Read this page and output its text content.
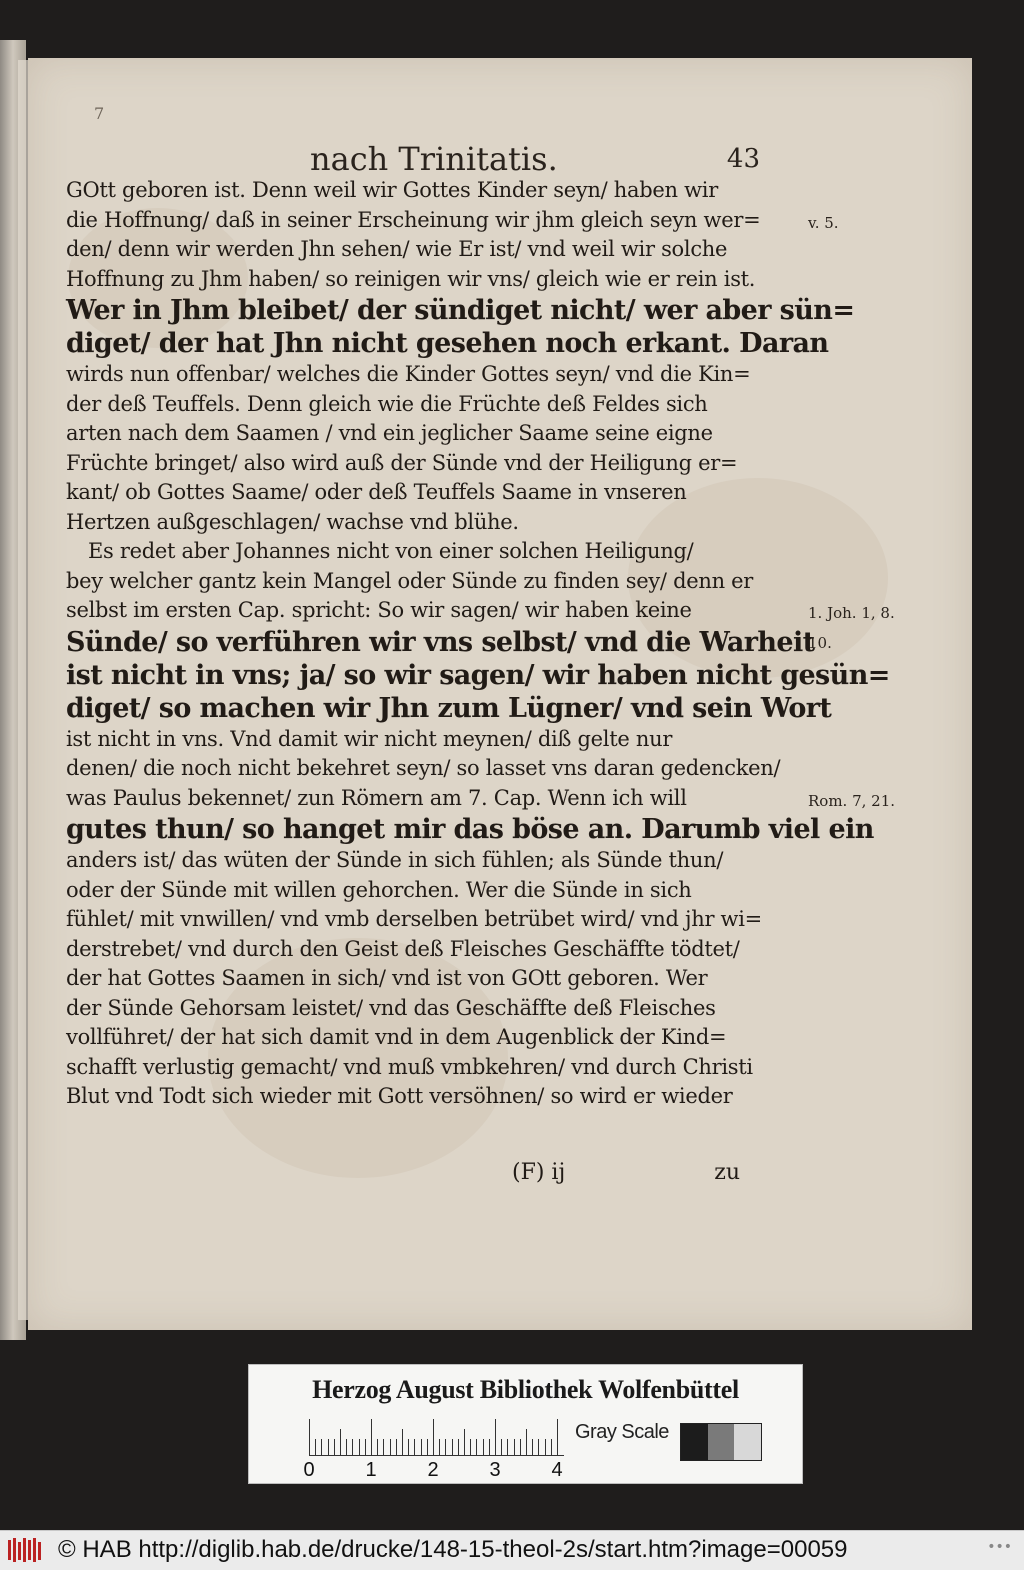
7
nach Trinitatis.	43
v. 5.
1. Joh. 1, 8.
10.
Rom. 7, 21.
GOtt geboren ist. Denn weil wir Gottes Kinder seyn/ haben wir
die Hoffnung/ daß in seiner Erscheinung wir jhm gleich seyn wer=
den/ denn wir werden Jhn sehen/ wie Er ist/ vnd weil wir solche
Hoffnung zu Jhm haben/ so reinigen wir vns/ gleich wie er rein ist.
Wer in Jhm bleibet/ der sündiget nicht/ wer aber sün=
diget/ der hat Jhn nicht gesehen noch erkant. Daran
wirds nun offenbar/ welches die Kinder Gottes seyn/ vnd die Kin=
der deß Teuffels. Denn gleich wie die Früchte deß Feldes sich
arten nach dem Saamen / vnd ein jeglicher Saame seine eigne
Früchte bringet/ also wird auß der Sünde vnd der Heiligung er=
kant/ ob Gottes Saame/ oder deß Teuffels Saame in vnseren
Hertzen außgeschlagen/ wachse vnd blühe.
Es redet aber Johannes nicht von einer solchen Heiligung/
bey welcher gantz kein Mangel oder Sünde zu finden sey/ denn er
selbst im ersten Cap. spricht: So wir sagen/ wir haben keine
Sünde/ so verführen wir vns selbst/ vnd die Warheit
ist nicht in vns; ja/ so wir sagen/ wir haben nicht gesün=
diget/ so machen wir Jhn zum Lügner/ vnd sein Wort
ist nicht in vns. Vnd damit wir nicht meynen/ diß gelte nur
denen/ die noch nicht bekehret seyn/ so lasset vns daran gedencken/
was Paulus bekennet/ zun Römern am 7. Cap. Wenn ich will
gutes thun/ so hanget mir das böse an. Darumb viel ein
anders ist/ das wüten der Sünde in sich fühlen; als Sünde thun/
oder der Sünde mit willen gehorchen. Wer die Sünde in sich
fühlet/ mit vnwillen/ vnd vmb derselben betrübet wird/ vnd jhr wi=
derstrebet/ vnd durch den Geist deß Fleisches Geschäffte tödtet/
der hat Gottes Saamen in sich/ vnd ist von GOtt geboren. Wer
der Sünde Gehorsam leistet/ vnd das Geschäffte deß Fleisches
vollführet/ der hat sich damit vnd in dem Augenblick der Kind=
schafft verlustig gemacht/ vnd muß vmbkehren/ vnd durch Christi
Blut vnd Todt sich wieder mit Gott versöhnen/ so wird er wieder
(F) ij	zu
Herzog August Bibliothek Wolfenbüttel
Gray Scale
0	1	2	3	4
© HAB http://diglib.hab.de/drucke/148-15-theol-2s/start.htm?image=00059	•••
